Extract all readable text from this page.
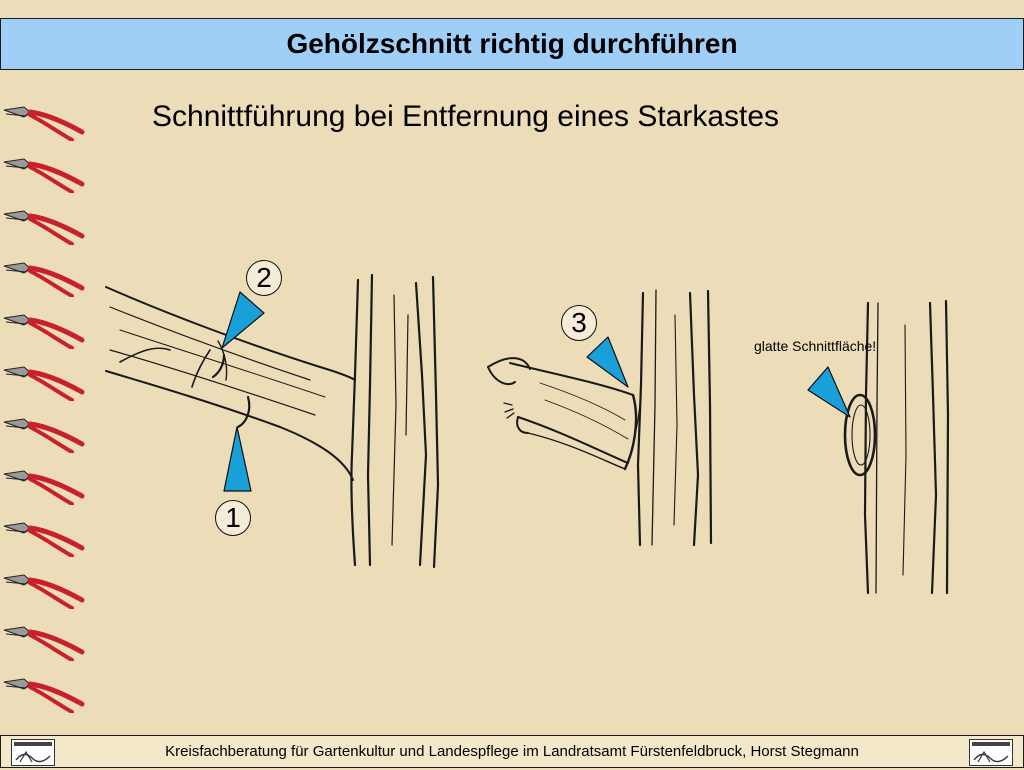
Gehölzschnitt richtig durchführen
Schnittführung bei Entfernung eines Starkastes
2
1
3
glatte Schnittfläche!
Kreisfachberatung für Gartenkultur und Landespflege im Landratsamt Fürstenfeldbruck, Horst Stegmann
